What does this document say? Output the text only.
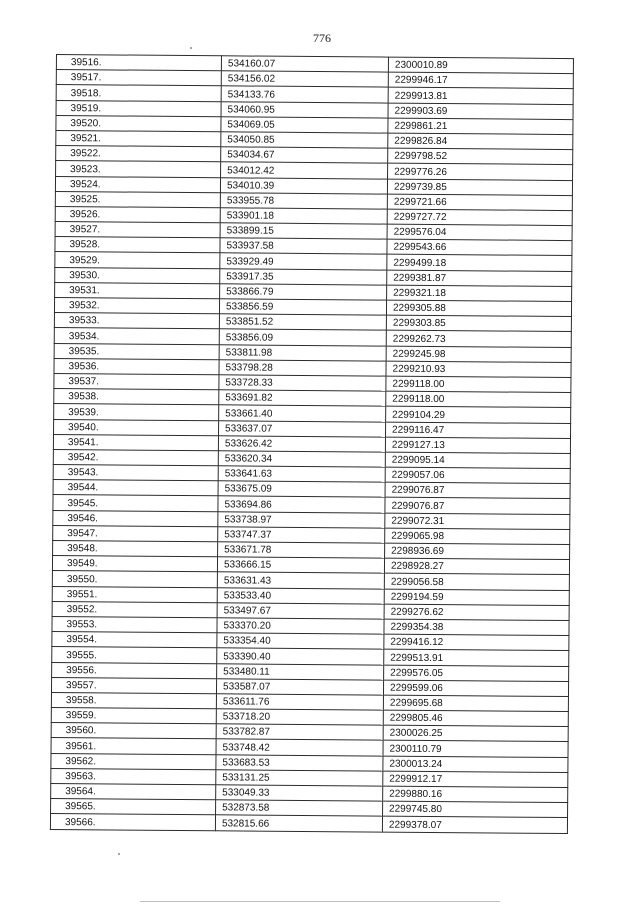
776
39516.	534160.07	2300010.89
39517.	534156.02	2299946.17
39518.	534133.76	2299913.81
39519.	534060.95	2299903.69
39520.	534069.05	2299861.21
39521.	534050.85	2299826.84
39522.	534034.67	2299798.52
39523.	534012.42	2299776.26
39524.	534010.39	2299739.85
39525.	533955.78	2299721.66
39526.	533901.18	2299727.72
39527.	533899.15	2299576.04
39528.	533937.58	2299543.66
39529.	533929.49	2299499.18
39530.	533917.35	2299381.87
39531.	533866.79	2299321.18
39532.	533856.59	2299305.88
39533.	533851.52	2299303.85
39534.	533856.09	2299262.73
39535.	533811.98	2299245.98
39536.	533798.28	2299210.93
39537.	533728.33	2299118.00
39538.	533691.82	2299118.00
39539.	533661.40	2299104.29
39540.	533637.07	2299116.47
39541.	533626.42	2299127.13
39542.	533620.34	2299095.14
39543.	533641.63	2299057.06
39544.	533675.09	2299076.87
39545.	533694.86	2299076.87
39546.	533738.97	2299072.31
39547.	533747.37	2299065.98
39548.	533671.78	2298936.69
39549.	533666.15	2298928.27
39550.	533631.43	2299056.58
39551.	533533.40	2299194.59
39552.	533497.67	2299276.62
39553.	533370.20	2299354.38
39554.	533354.40	2299416.12
39555.	533390.40	2299513.91
39556.	533480.11	2299576.05
39557.	533587.07	2299599.06
39558.	533611.76	2299695.68
39559.	533718.20	2299805.46
39560.	533782.87	2300026.25
39561.	533748.42	2300110.79
39562.	533683.53	2300013.24
39563.	533131.25	2299912.17
39564.	533049.33	2299880.16
39565.	532873.58	2299745.80
39566.	532815.66	2299378.07
